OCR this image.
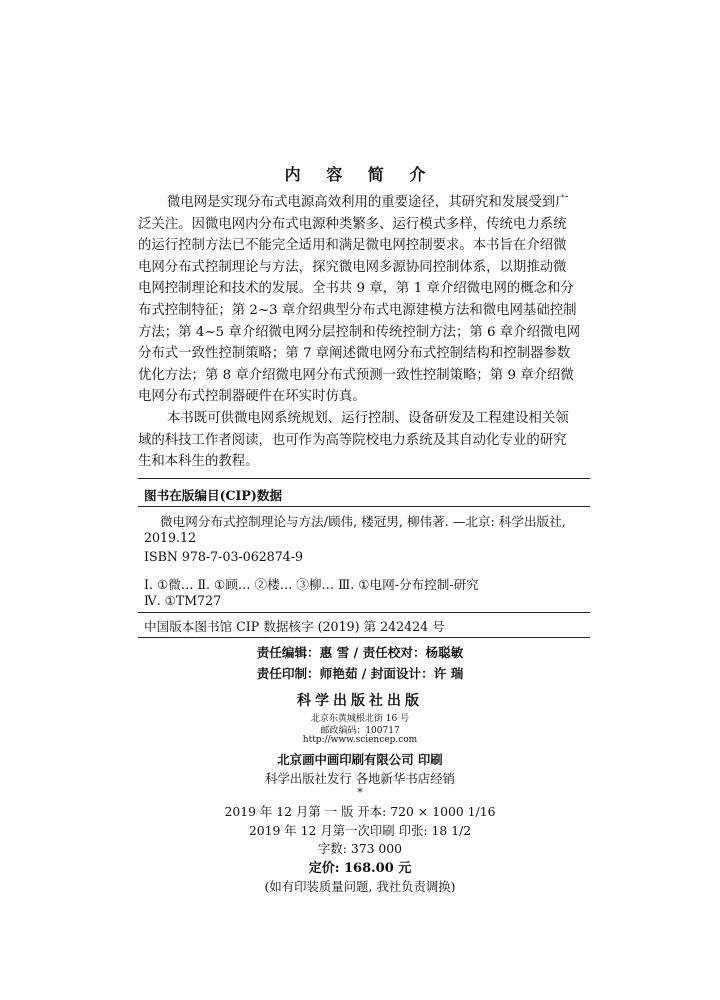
内 容 简 介

微电网是实现分布式电源高效利用的重要途径，其研究和发展受到广
泛关注。因微电网内分布式电源种类繁多、运行模式多样，传统电力系统
的运行控制方法已不能完全适用和满足微电网控制要求。本书旨在介绍微
电网分布式控制理论与方法，探究微电网多源协同控制体系，以期推动微
电网控制理论和技术的发展。全书共 9 章，第 1 章介绍微电网的概念和分
布式控制特征；第 2~3 章介绍典型分布式电源建模方法和微电网基础控制
方法；第 4~5 章介绍微电网分层控制和传统控制方法；第 6 章介绍微电网
分布式一致性控制策略；第 7 章阐述微电网分布式控制结构和控制器参数
优化方法；第 8 章介绍微电网分布式预测一致性控制策略；第 9 章介绍微
电网分布式控制器硬件在环实时仿真。

本书既可供微电网系统规划、运行控制、设备研发及工程建设相关领
域的科技工作者阅读，也可作为高等院校电力系统及其自动化专业的研究
生和本科生的教程。

图书在版编目(CIP)数据
微电网分布式控制理论与方法/顾伟, 楼冠男, 柳伟著. —北京: 科学出版社,
2019.12
ISBN 978-7-03-062874-9
Ⅰ. ①微… Ⅱ. ①顾… ②楼… ③柳… Ⅲ. ①电网-分布控制-研究
Ⅳ. ①TM727
中国版本图书馆 CIP 数据核字 (2019) 第 242424 号
责任编辑：惠 雪 / 责任校对：杨聪敏
责任印制：师艳茹 / 封面设计：许 瑞
科学出版社出版
北京东黄城根北街 16 号
邮政编码：100717
http://www.sciencep.com
北京画中画印刷有限公司 印刷
科学出版社发行 各地新华书店经销
*
2019 年 12 月第 一 版 开本: 720 × 1000 1/16
2019 年 12 月第一次印刷 印张: 18 1/2
字数: 373 000
定价: 168.00 元
(如有印装质量问题, 我社负责调换)
